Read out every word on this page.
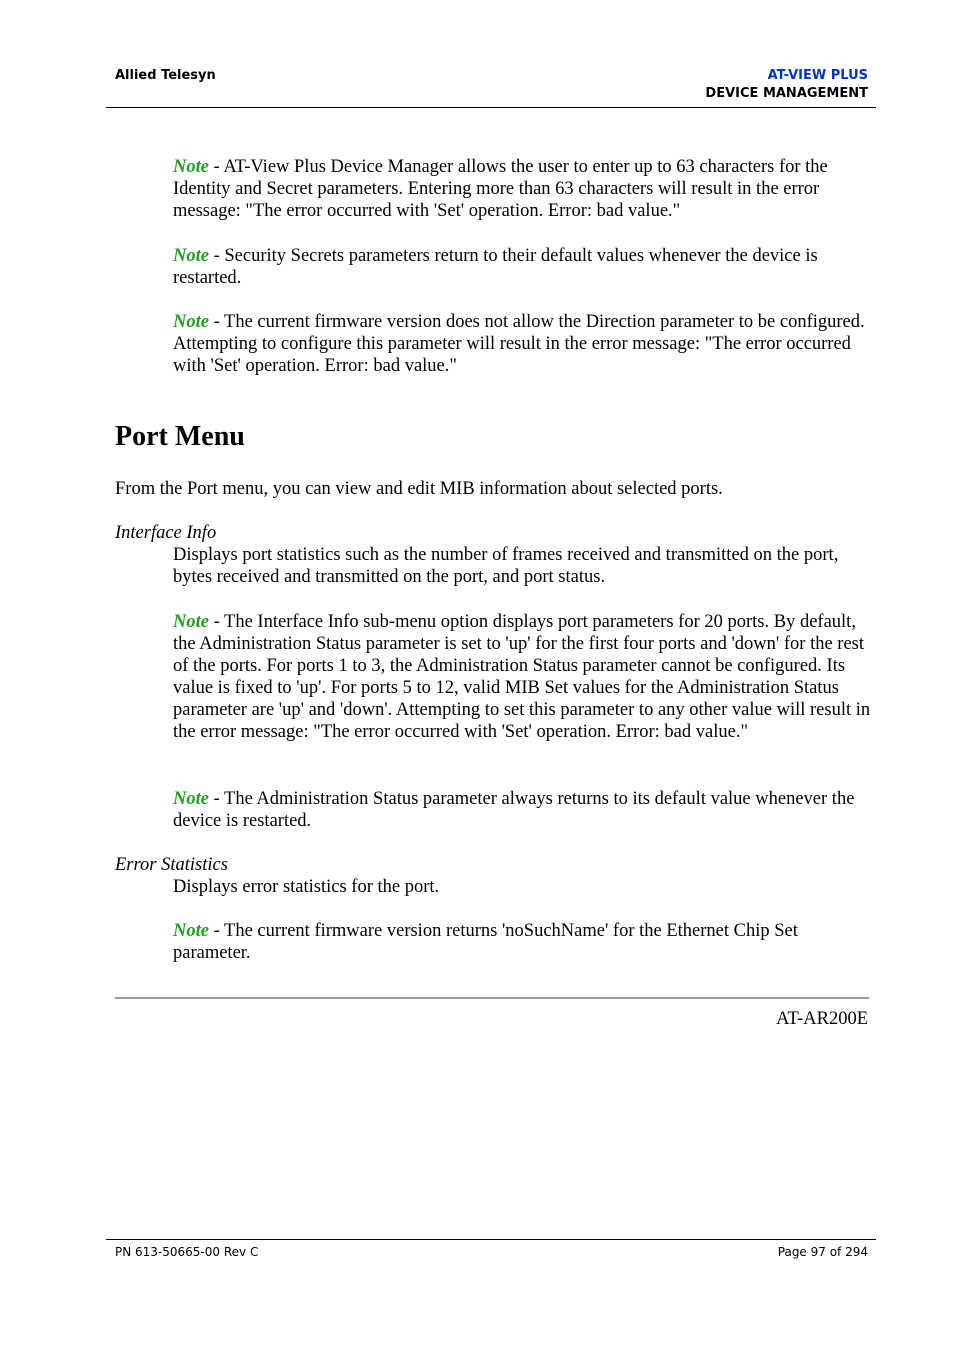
Allied Telesyn	AT-VIEW PLUS
DEVICE MANAGEMENT
Note - AT-View Plus Device Manager allows the user to enter up to 63 characters for the Identity and Secret parameters. Entering more than 63 characters will result in the error message: "The error occurred with 'Set' operation. Error: bad value."
Note - Security Secrets parameters return to their default values whenever the device is restarted.
Note - The current firmware version does not allow the Direction parameter to be configured. Attempting to configure this parameter will result in the error message: "The error occurred with 'Set' operation. Error: bad value."
Port Menu
From the Port menu, you can view and edit MIB information about selected ports.
Interface Info
Displays port statistics such as the number of frames received and transmitted on the port, bytes received and transmitted on the port, and port status.
Note - The Interface Info sub-menu option displays port parameters for 20 ports. By default, the Administration Status parameter is set to 'up' for the first four ports and 'down' for the rest of the ports. For ports 1 to 3, the Administration Status parameter cannot be configured. Its value is fixed to 'up'. For ports 5 to 12, valid MIB Set values for the Administration Status parameter are 'up' and 'down'. Attempting to set this parameter to any other value will result in the error message: "The error occurred with 'Set' operation. Error: bad value."
Note - The Administration Status parameter always returns to its default value whenever the device is restarted.
Error Statistics
Displays error statistics for the port.
Note - The current firmware version returns 'noSuchName' for the Ethernet Chip Set parameter.
AT-AR200E
PN 613-50665-00 Rev C	Page 97 of 294
